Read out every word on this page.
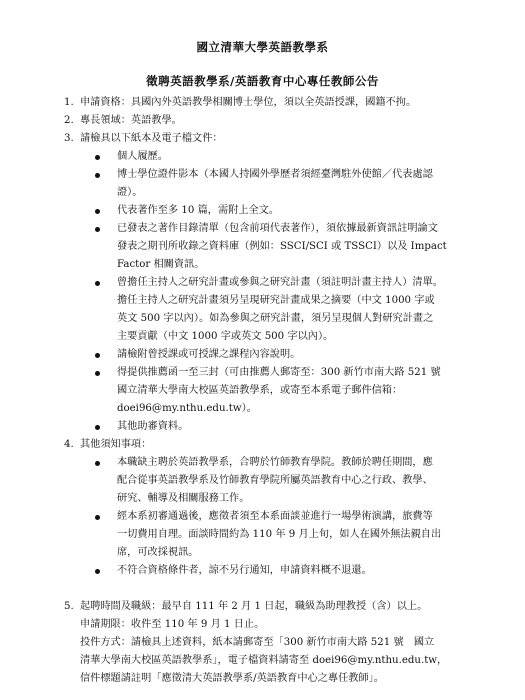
國立清華大學英語教學系
徵聘英語教學系/英語教育中心專任教師公告
1. 申請資格：具國內外英語教學相關博士學位，須以全英語授課，國籍不拘。
2. 專長領域：英語教學。
3. 請檢具以下紙本及電子檔文件：
個人履歷。
博士學位證件影本（本國人持國外學歷者須經臺灣駐外使館／代表處認
證）。
代表著作至多 10 篇，需附上全文。
已發表之著作目錄清單（包含前項代表著作），須依據最新資訊註明論文
發表之期刊所收錄之資料庫（例如：SSCI/SCI 或 TSSCI）以及 Impact
Factor 相關資訊。
曾擔任主持人之研究計畫或參與之研究計畫（須註明計畫主持人）清單。
擔任主持人之研究計畫須另呈現研究計畫成果之摘要（中文 1000 字或
英文 500 字以內）。如為參與之研究計畫，須另呈現個人對研究計畫之
主要貢獻（中文 1000 字或英文 500 字以內）。
請檢附曾授課或可授課之課程內容說明。
得提供推薦函一至三封（可由推薦人郵寄至：300 新竹市南大路 521 號
國立清華大學南大校區英語教學系，或寄至本系電子郵件信箱：
doei96@my.nthu.edu.tw）。
其他助審資料。
4. 其他須知事項：
本職缺主聘於英語教學系，合聘於竹師教育學院。教師於聘任期間，應
配合從事英語教學系及竹師教育學院所屬英語教育中心之行政、教學、
研究、輔導及相關服務工作。
經本系初審通過後，應徵者須至本系面談並進行一場學術演講，旅費等
一切費用自理。面談時間約為 110 年 9 月上旬，如人在國外無法親自出
席，可改採視訊。
不符合資格條件者，諒不另行通知，申請資料概不退還。
5. 起聘時間及職級：最早自 111 年 2 月 1 日起，職級為助理教授（含）以上。
申請期限：收件至 110 年 9 月 1 日止。
投件方式：請檢具上述資料，紙本請郵寄至「300 新竹市南大路 521 號　國立
清華大學南大校區英語教學系」，電子檔資料請寄至 doei96@my.nthu.edu.tw，
信件標題請註明「應徵清大英語教學系/英語教育中心之專任教師」。
